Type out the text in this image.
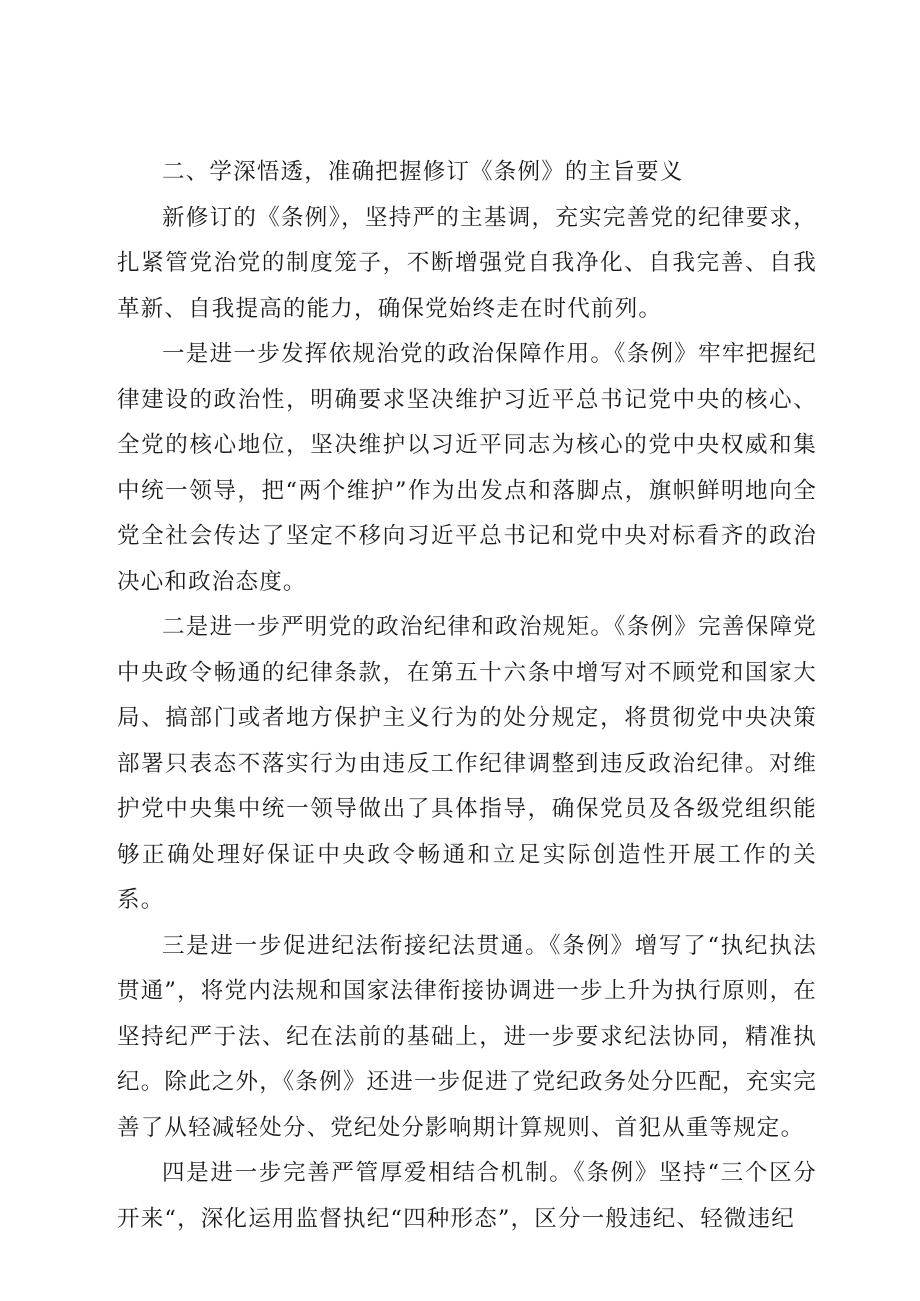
二、学深悟透，准确把握修订《条例》的主旨要义

新修订的《条例》，坚持严的主基调，充实完善党的纪律要求，扎紧管党治党的制度笼子，不断增强党自我净化、自我完善、自我革新、自我提高的能力，确保党始终走在时代前列。

一是进一步发挥依规治党的政治保障作用。《条例》牢牢把握纪律建设的政治性，明确要求坚决维护习近平总书记党中央的核心、全党的核心地位，坚决维护以习近平同志为核心的党中央权威和集中统一领导，把“两个维护”作为出发点和落脚点，旗帜鲜明地向全党全社会传达了坚定不移向习近平总书记和党中央对标看齐的政治决心和政治态度。

二是进一步严明党的政治纪律和政治规矩。《条例》完善保障党中央政令畅通的纪律条款，在第五十六条中增写对不顾党和国家大局、搞部门或者地方保护主义行为的处分规定，将贯彻党中央决策部署只表态不落实行为由违反工作纪律调整到违反政治纪律。对维护党中央集中统一领导做出了具体指导，确保党员及各级党组织能够正确处理好保证中央政令畅通和立足实际创造性开展工作的关系。

三是进一步促进纪法衔接纪法贯通。《条例》增写了“执纪执法贯通”，将党内法规和国家法律衔接协调进一步上升为执行原则，在坚持纪严于法、纪在法前的基础上，进一步要求纪法协同，精准执纪。除此之外，《条例》还进一步促进了党纪政务处分匹配，充实完善了从轻减轻处分、党纪处分影响期计算规则、首犯从重等规定。

四是进一步完善严管厚爱相结合机制。《条例》坚持“三个区分开来“，深化运用监督执纪“四种形态”，区分一般违纪、轻微违纪
